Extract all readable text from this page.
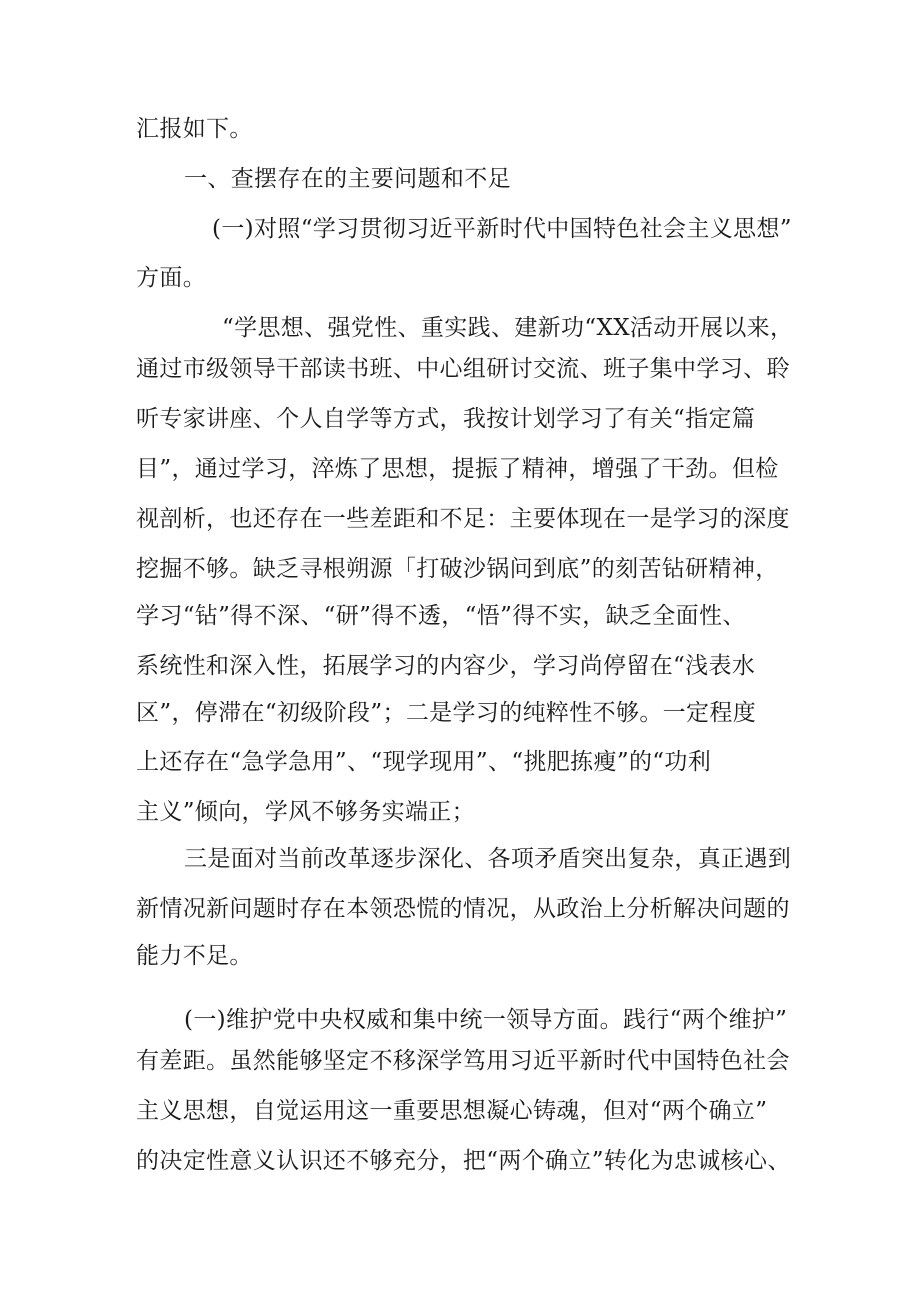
汇报如下。
一、查摆存在的主要问题和不足
(一)对照“学习贯彻习近平新时代中国特色社会主义思想”
方面。
“学思想、强党性、重实践、建新功“XX活动开展以来，
通过市级领导干部读书班、中心组研讨交流、班子集中学习、聆
听专家讲座、个人自学等方式，我按计划学习了有关“指定篇
目”，通过学习，淬炼了思想，提振了精神，增强了干劲。但检
视剖析，也还存在一些差距和不足：主要体现在一是学习的深度
挖掘不够。缺乏寻根朔源「打破沙锅问到底”的刻苦钻研精神，
学习“钻”得不深、“研”得不透，“悟”得不实，缺乏全面性、
系统性和深入性，拓展学习的内容少，学习尚停留在“浅表水
区”，停滞在“初级阶段”；二是学习的纯粹性不够。一定程度
上还存在“急学急用”、“现学现用”、“挑肥拣瘦”的“功利
主义”倾向，学风不够务实端正；
三是面对当前改革逐步深化、各项矛盾突出复杂，真正遇到
新情况新问题时存在本领恐慌的情况，从政治上分析解决问题的
能力不足。
(一)维护党中央权威和集中统一领导方面。践行“两个维护”
有差距。虽然能够坚定不移深学笃用习近平新时代中国特色社会
主义思想，自觉运用这一重要思想凝心铸魂，但对“两个确立”
的决定性意义认识还不够充分，把“两个确立”转化为忠诚核心、
